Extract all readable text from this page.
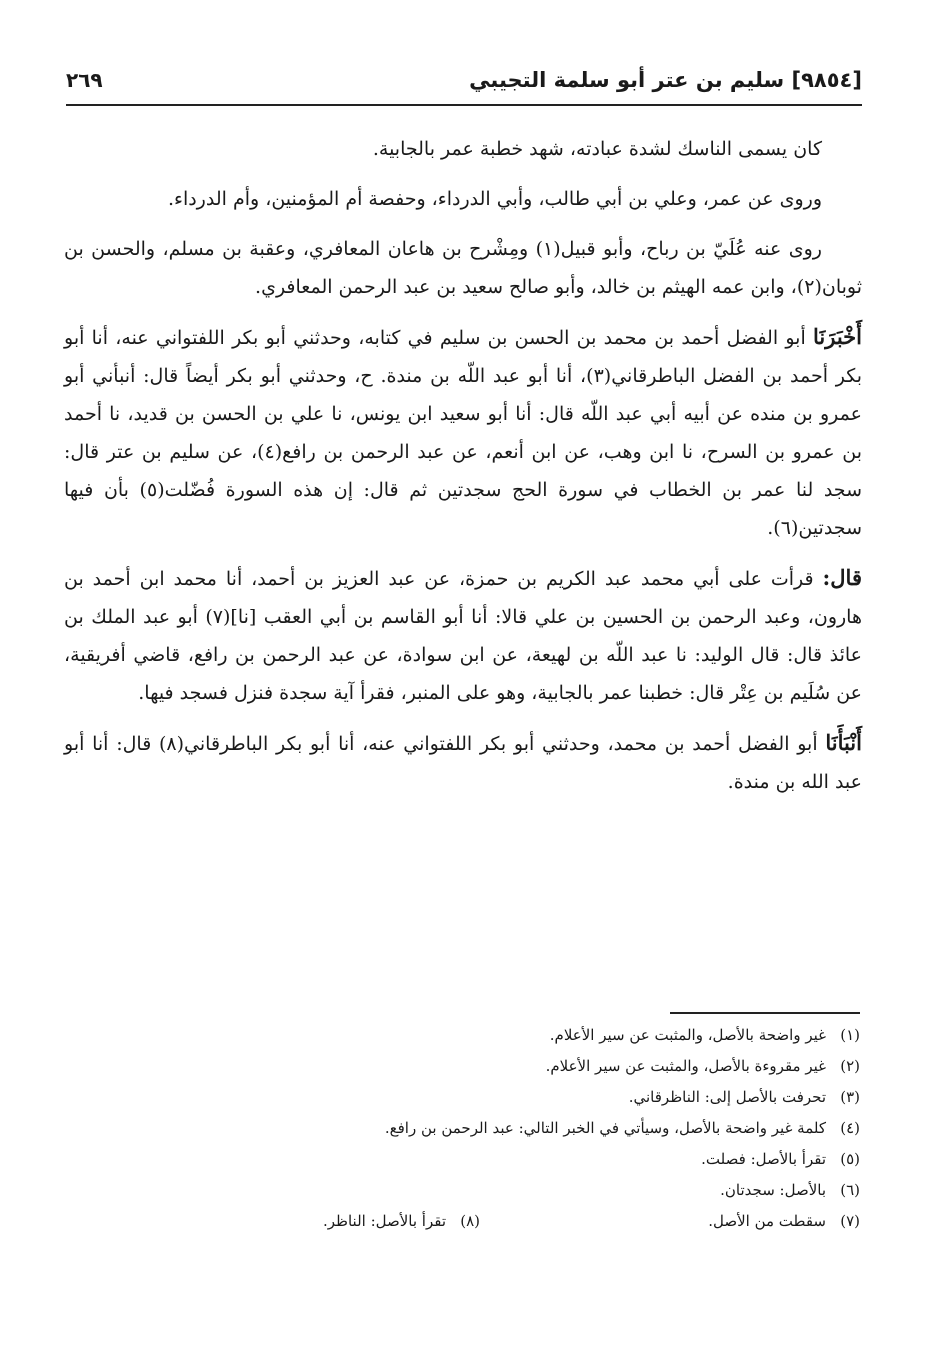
[٩٨٥٤] سليم بن عتر أبو سلمة التجيبي
٢٦٩

كان يسمى الناسك لشدة عبادته، شهد خطبة عمر بالجابية.

وروى عن عمر، وعلي بن أبي طالب، وأبي الدرداء، وحفصة أم المؤمنين، وأم الدرداء.

روى عنه عُلَيّ بن رباح، وأبو قبيل(١) ومِشْرح بن هاعان المعافري، وعقبة بن مسلم، والحسن بن ثوبان(٢)، وابن عمه الهيثم بن خالد، وأبو صالح سعيد بن عبد الرحمن المعافري.

أَخْبَرَنَا أبو الفضل أحمد بن محمد بن الحسن بن سليم في كتابه، وحدثني أبو بكر اللفتواني عنه، أنا أبو بكر أحمد بن الفضل الباطرقاني(٣)، أنا أبو عبد اللّه بن مندة. ح، وحدثني أبو بكر أيضاً قال: أنبأني أبو عمرو بن منده عن أبيه أبي عبد اللّه قال: أنا أبو سعيد ابن يونس، نا علي بن الحسن بن قديد، نا أحمد بن عمرو بن السرح، نا ابن وهب، عن ابن أنعم، عن عبد الرحمن بن رافع(٤)، عن سليم بن عتر قال: سجد لنا عمر بن الخطاب في سورة الحج سجدتين ثم قال: إن هذه السورة فُضّلت(٥) بأن فيها سجدتين(٦).

قال: قرأت على أبي محمد عبد الكريم بن حمزة، عن عبد العزيز بن أحمد، أنا محمد ابن أحمد بن هارون، وعبد الرحمن بن الحسين بن علي قالا: أنا أبو القاسم بن أبي العقب [نا](٧) أبو عبد الملك بن عائذ قال: قال الوليد: نا عبد اللّه بن لهيعة، عن ابن سوادة، عن عبد الرحمن بن رافع، قاضي أفريقية، عن سُلَيم بن عِتْر قال: خطبنا عمر بالجابية، وهو على المنبر، فقرأ آية سجدة فنزل فسجد فيها.

أَنْبَأَنَا أبو الفضل أحمد بن محمد، وحدثني أبو بكر اللفتواني عنه، أنا أبو بكر الباطرقاني(٨) قال: أنا أبو عبد الله بن مندة.

(١)غير واضحة بالأصل، والمثبت عن سير الأعلام.
(٢)غير مقروءة بالأصل، والمثبت عن سير الأعلام.
(٣)تحرفت بالأصل إلى: الناظرقاني.
(٤)كلمة غير واضحة بالأصل، وسيأتي في الخبر التالي: عبد الرحمن بن رافع.
(٥)تقرأ بالأصل: فصلت.
(٦)بالأصل: سجدتان.
(٧)سقطت من الأصل.
(٨)تقرأ بالأصل: الناظر.
